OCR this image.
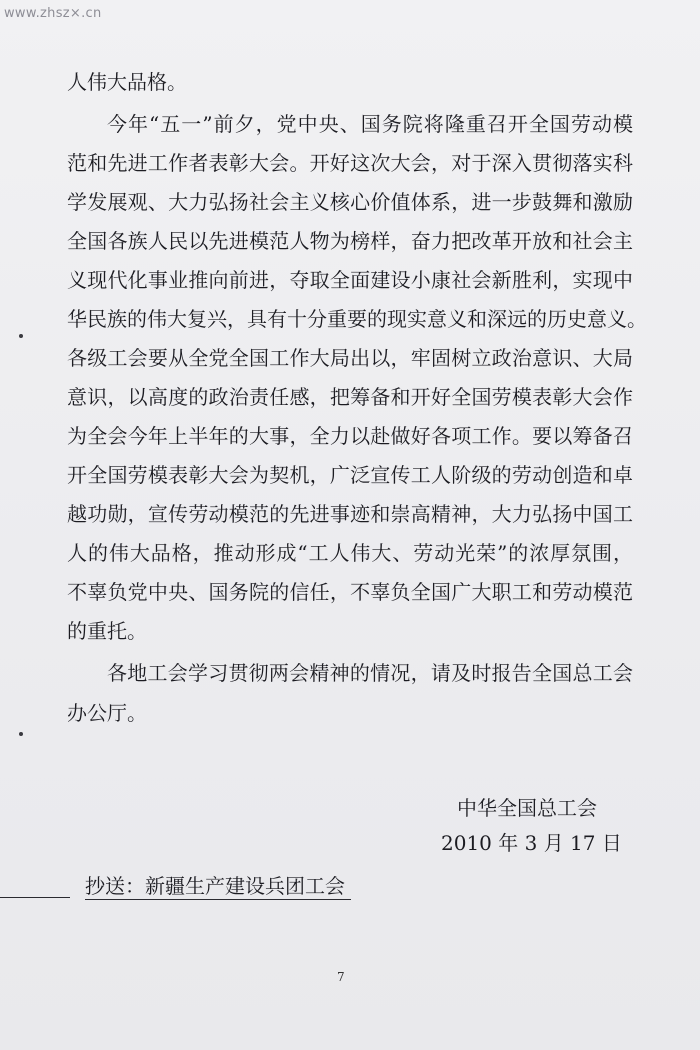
www.zhsz×.cn
人伟大品格。
今年“五一”前夕，党中央、国务院将隆重召开全国劳动模
范和先进工作者表彰大会。开好这次大会，对于深入贯彻落实科
学发展观、大力弘扬社会主义核心价值体系，进一步鼓舞和激励
全国各族人民以先进模范人物为榜样，奋力把改革开放和社会主
义现代化事业推向前进，夺取全面建设小康社会新胜利，实现中
华民族的伟大复兴，具有十分重要的现实意义和深远的历史意义。
各级工会要从全党全国工作大局出以，牢固树立政治意识、大局
意识，以高度的政治责任感，把筹备和开好全国劳模表彰大会作
为全会今年上半年的大事，全力以赴做好各项工作。要以筹备召
开全国劳模表彰大会为契机，广泛宣传工人阶级的劳动创造和卓
越功勋，宣传劳动模范的先进事迹和崇高精神，大力弘扬中国工
人的伟大品格，推动形成“工人伟大、劳动光荣”的浓厚氛围，
不辜负党中央、国务院的信任，不辜负全国广大职工和劳动模范
的重托。
各地工会学习贯彻两会精神的情况，请及时报告全国总工会
办公厅。
中华全国总工会
2010 年 3 月 17 日
抄送：新疆生产建设兵团工会
7
